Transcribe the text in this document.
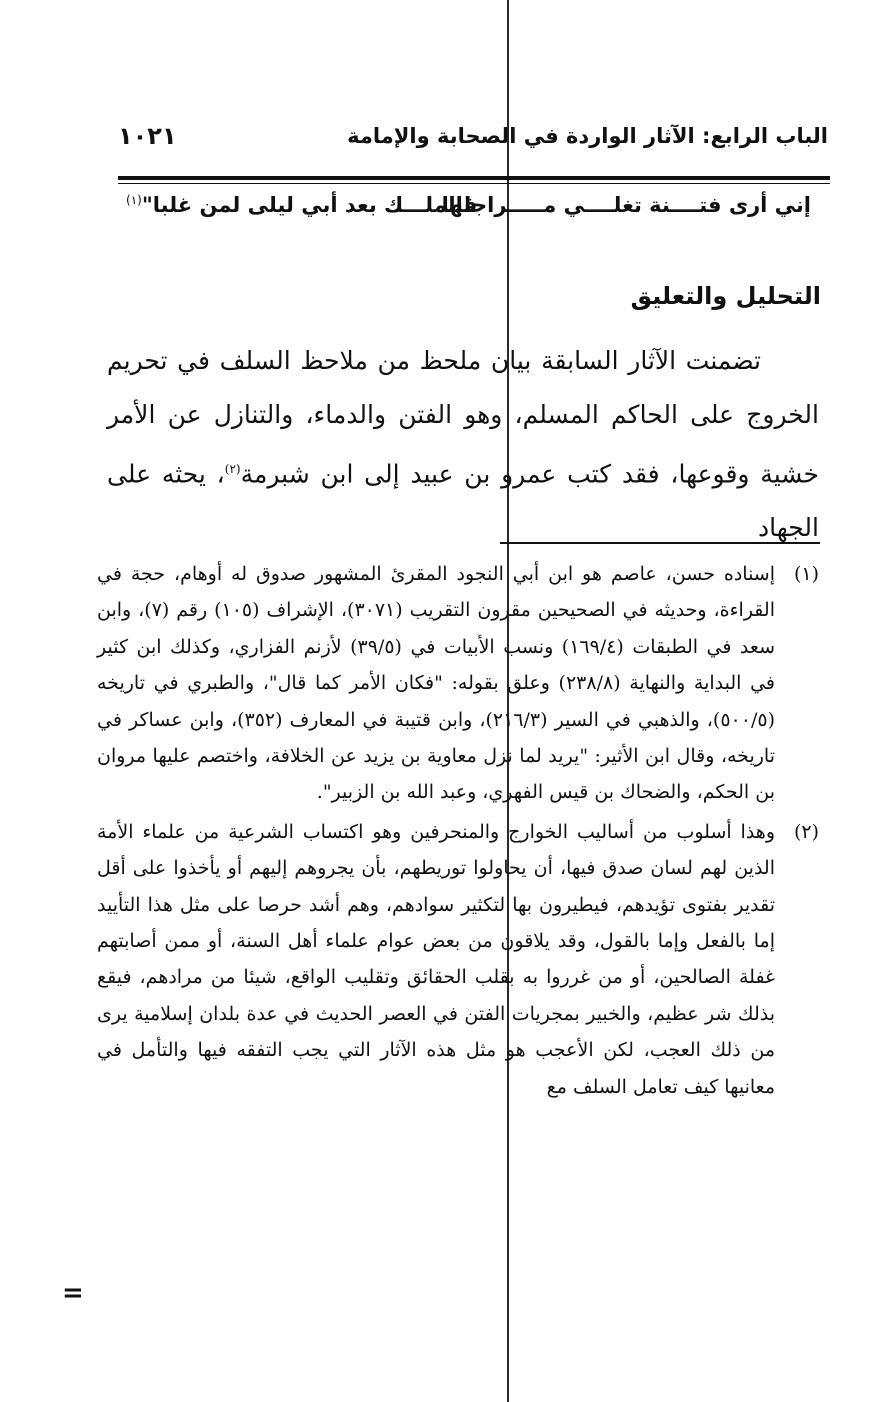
الباب الرابع: الآثار الواردة في الصحابة والإمامة
١٠٢١
إني أرى فتــــنة تغلــــي مـــــراجلها
فالملـــك بعد أبي ليلى لمن غلبا"$^{(١)}$
التحليل والتعليق

تضمنت الآثار السابقة بيان ملحظ من ملاحظ السلف في تحريم الخروج على الحاكم المسلم، وهو الفتن والدماء، والتنازل عن الأمر خشية وقوعها، فقد كتب عمرو بن عبيد إلى ابن شبرمة$^{(٢)}$، يحثه على الجهاد

(١)
إسناده حسن، عاصم هو ابن أبي النجود المقرئ المشهور صدوق له أوهام، حجة في القراءة، وحديثه في الصحيحين مقرون التقريب (٣٠٧١)، الإشراف (١٠٥) رقم (٧)، وابن سعد في الطبقات (١٦٩/٤) ونسب الأبيات في (٣٩/٥) لأزنم الفزاري، وكذلك ابن كثير في البداية والنهاية (٢٣٨/٨) وعلق بقوله: "فكان الأمر كما قال"، والطبري في تاريخه (٥٠٠/٥)، والذهبي في السير (٢١٦/٣)، وابن قتيبة في المعارف (٣٥٢)، وابن عساكر في تاريخه، وقال ابن الأثير: "يريد لما نزل معاوية بن يزيد عن الخلافة، واختصم عليها مروان بن الحكم، والضحاك بن قيس الفهري، وعبد الله بن الزبير".
(٢)
وهذا أسلوب من أساليب الخوارج والمنحرفين وهو اكتساب الشرعية من علماء الأمة الذين لهم لسان صدق فيها، أن يحاولوا توريطهم، بأن يجروهم إليهم أو يأخذوا على أقل تقدير بفتوى تؤيدهم، فيطيرون بها لتكثير سوادهم، وهم أشد حرصا على مثل هذا التأييد إما بالفعل وإما بالقول، وقد يلاقون من بعض عوام علماء أهل السنة، أو ممن أصابتهم غفلة الصالحين، أو من غرروا به بقلب الحقائق وتقليب الواقع، شيئا من مرادهم، فيقع بذلك شر عظيم، والخبير بمجريات الفتن في العصر الحديث في عدة بلدان إسلامية يرى من ذلك العجب، لكن الأعجب هو مثل هذه الآثار التي يجب التفقه فيها والتأمل في معانيها كيف تعامل السلف مع
=
